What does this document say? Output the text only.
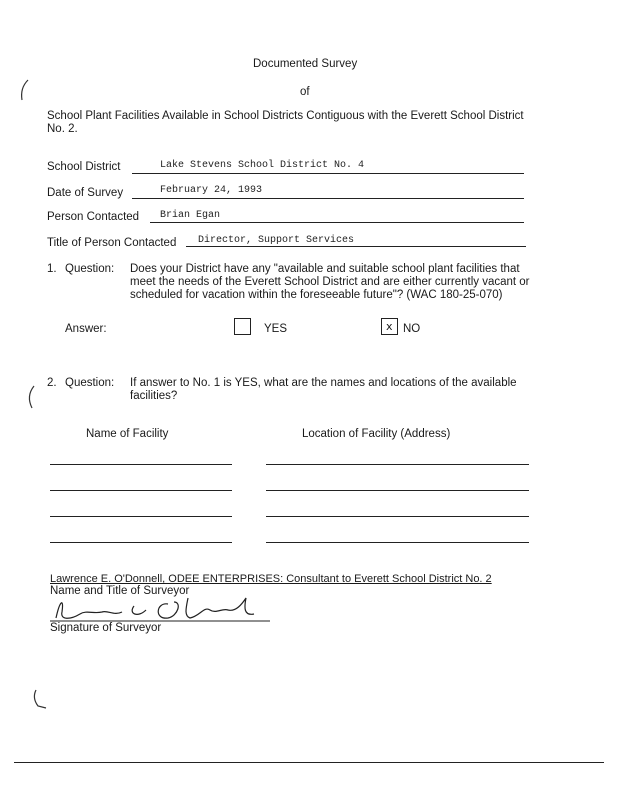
Documented Survey
of
School Plant Facilities Available in School Districts Contiguous with the Everett School District
No. 2.
School District	Lake Stevens School District No. 4
Date of Survey	February 24, 1993
Person Contacted Brian Egan
Title of Person Contacted Director, Support Services
1. Question: Does your District have any "available and suitable school plant facilities that
meet the needs of the Everett School District and are either currently vacant or
scheduled for vacation within the foreseeable future"? (WAC 180-25-070)
Answer:	YES	x NO
2. Question: If answer to No. 1 is YES, what are the names and locations of the available
facilities?
Name of Facility	Location of Facility (Address)
Lawrence E. O'Donnell, ODEE ENTERPRISES: Consultant to Everett School District No. 2
Name and Title of Surveyor
Signature of Surveyor
